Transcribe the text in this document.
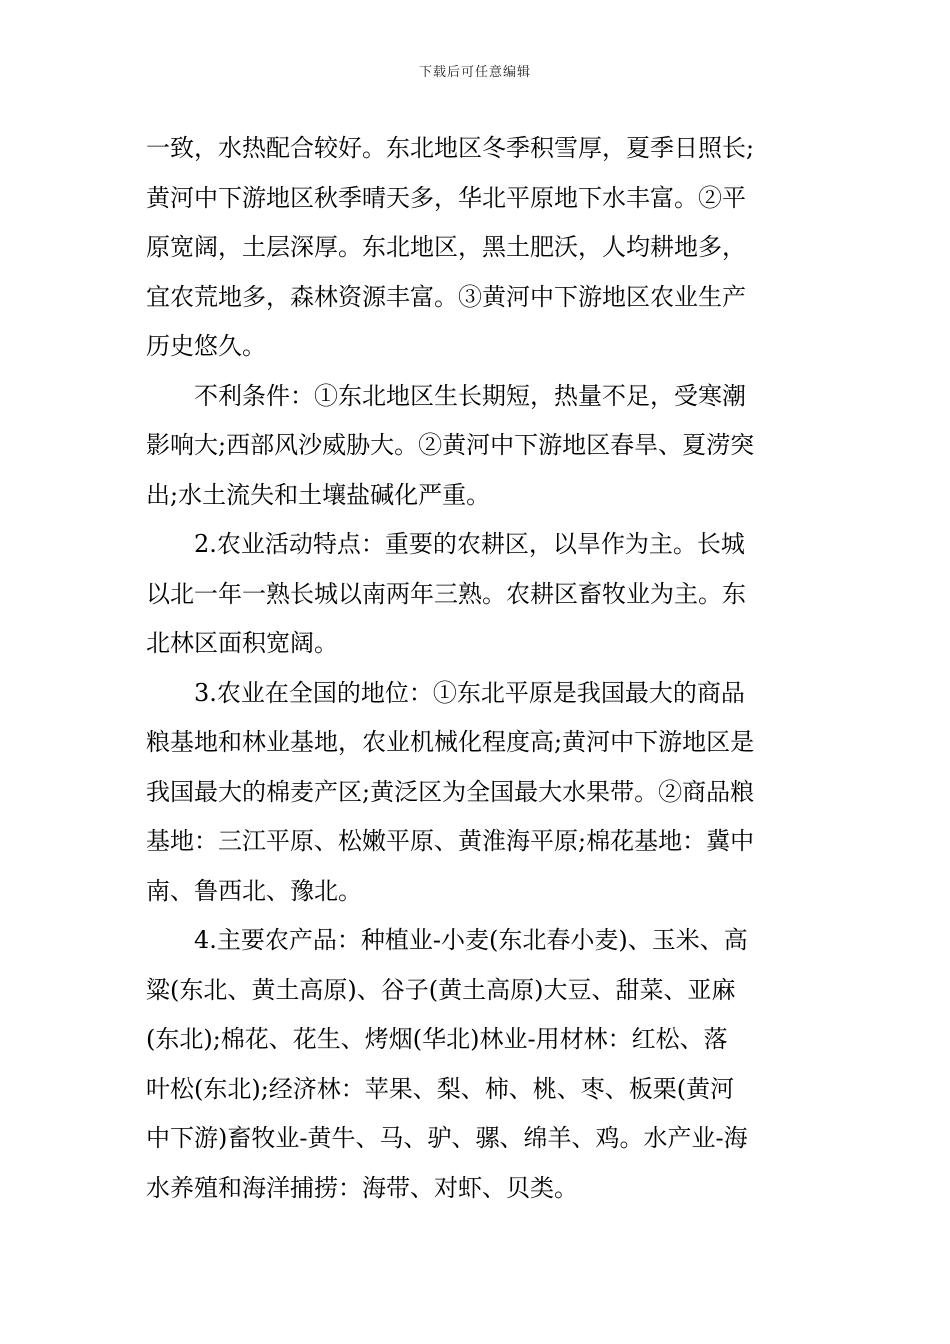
下载后可任意编辑

一致，水热配合较好。东北地区冬季积雪厚，夏季日照长;
黄河中下游地区秋季晴天多，华北平原地下水丰富。②平
原宽阔，土层深厚。东北地区，黑土肥沃，人均耕地多，
宜农荒地多，森林资源丰富。③黄河中下游地区农业生产
历史悠久。

不利条件：①东北地区生长期短，热量不足，受寒潮
影响大;西部风沙威胁大。②黄河中下游地区春旱、夏涝突
出;水土流失和土壤盐碱化严重。

2.农业活动特点：重要的农耕区，以旱作为主。长城
以北一年一熟长城以南两年三熟。农耕区畜牧业为主。东
北林区面积宽阔。

3.农业在全国的地位：①东北平原是我国最大的商品
粮基地和林业基地，农业机械化程度高;黄河中下游地区是
我国最大的棉麦产区;黄泛区为全国最大水果带。②商品粮
基地：三江平原、松嫩平原、黄淮海平原;棉花基地：冀中
南、鲁西北、豫北。

4.主要农产品：种植业-小麦(东北春小麦)、玉米、高
粱(东北、黄土高原)、谷子(黄土高原)大豆、甜菜、亚麻
(东北);棉花、花生、烤烟(华北)林业-用材林：红松、落
叶松(东北);经济林：苹果、梨、柿、桃、枣、板栗(黄河
中下游)畜牧业-黄牛、马、驴、骡、绵羊、鸡。水产业-海
水养殖和海洋捕捞：海带、对虾、贝类。
